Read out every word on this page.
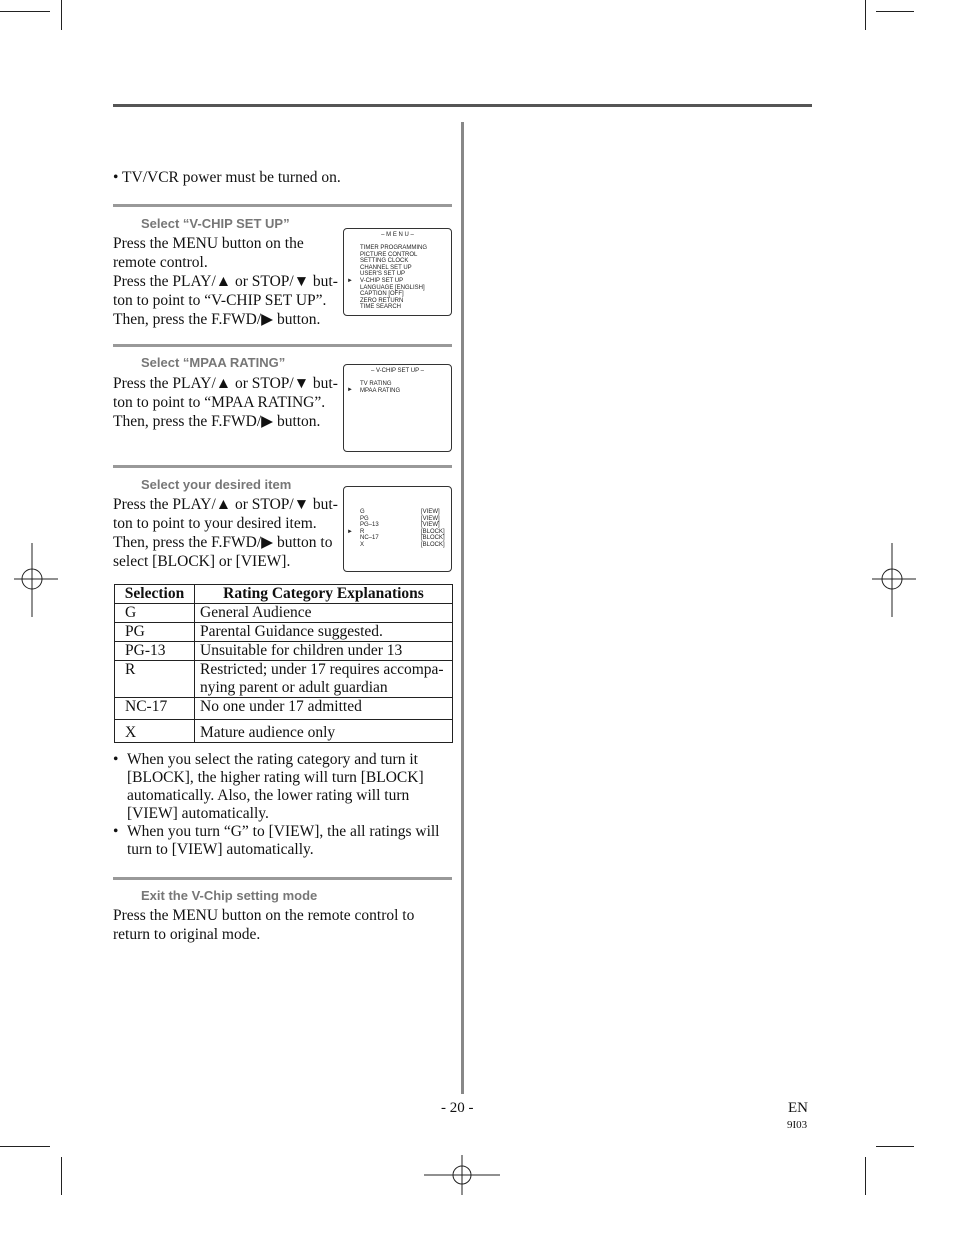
• TV/VCR power must be turned on.
Select “V-CHIP SET UP”

Press the MENU button on the

remote control.

Press the PLAY/▲ or STOP/▼ but-

ton to point to “V-CHIP SET UP”.

Then, press the F.FWD/▶ button.

– M E N U –
TIMER PROGRAMMING
PICTURE CONTROL
SETTING CLOCK
CHANNEL SET UP
USER'S SET UP
V-CHIP SET UP
LANGUAGE [ENGLISH]
CAPTION [OFF]
ZERO RETURN
TIME SEARCH
►
Select “MPAA RATING”

Press the PLAY/▲ or STOP/▼ but-

ton to point to “MPAA RATING”.

Then, press the F.FWD/▶ button.

– V-CHIP SET UP –
TV RATING
MPAA RATING
►
Select your desired item

Press the PLAY/▲ or STOP/▼ but-

ton to point to your desired item.

Then, press the F.FWD/▶ button to

select [BLOCK] or [VIEW].

G	[VIEW]
PG	[VIEW]
PG–13	[VIEW]
R	[BLOCK]
NC–17	[BLOCK]
X	[BLOCK]
►
Selection	Rating Category Explanations
G	General Audience
PG	Parental Guidance suggested.
PG-13	Unsuitable for children under 13
R	Restricted; under 17 requires accompa-nying parent or adult guardian
NC-17	No one under 17 admitted
X	Mature audience only
• When you select the rating category and turn it [BLOCK], the higher rating will turn [BLOCK] automatically. Also, the lower rating will turn [VIEW] automatically.
• When you turn “G” to [VIEW], the all ratings will turn to [VIEW] automatically.
Exit the V-Chip setting mode

Press the MENU button on the remote control to

return to original mode.

- 20 -	EN
9I03
